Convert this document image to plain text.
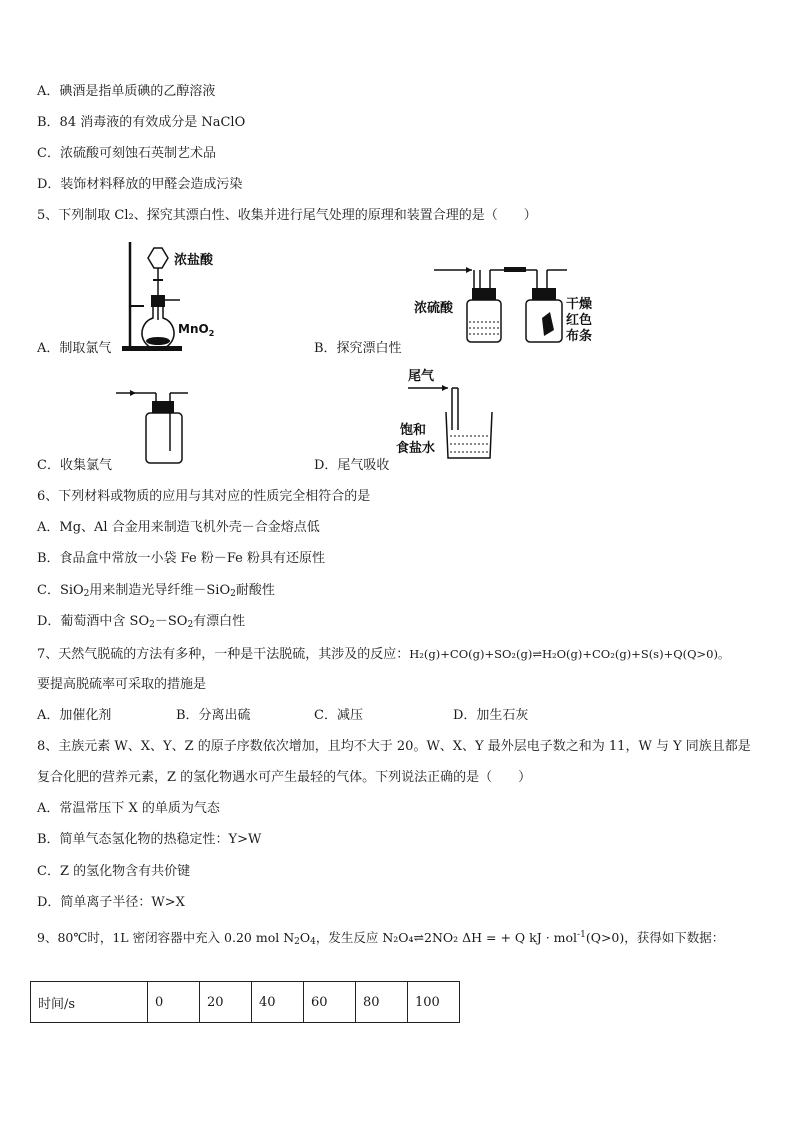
A．碘酒是指单质碘的乙醇溶液
B．84 消毒液的有效成分是 NaClO
C．浓硫酸可刻蚀石英制艺术品
D．装饰材料释放的甲醛会造成污染
5、下列制取 Cl₂、探究其漂白性、收集并进行尾气处理的原理和装置合理的是（　　）
浓盐酸
MnO$_2$
A．制取氯气
浓硫酸	干燥
红色
布条
B．探究漂白性
C．收集氯气
尾气
饱和
食盐水
D．尾气吸收
6、下列材料或物质的应用与其对应的性质完全相符合的是
A．Mg、Al 合金用来制造飞机外壳－合金熔点低
B．食品盒中常放一小袋 Fe 粉－Fe 粉具有还原性
C．SiO$_2$用来制造光导纤维－SiO$_2$耐酸性
D．葡萄酒中含 $SO_2-SO_2$有漂白性
7、天然气脱硫的方法有多种，一种是干法脱硫，其涉及的反应：H₂(g)+CO(g)+SO₂(g)⇌H₂O(g)+CO₂(g)+S(s)+Q(Q>0)。
要提高脱硫率可采取的措施是
A．加催化剂	B．分离出硫	C．减压	D．加生石灰
8、主族元素 W、X、Y、Z 的原子序数依次增加，且均不大于 20。W、X、Y 最外层电子数之和为 11，W 与 Y 同族且都是
复合化肥的营养元素，Z 的氢化物遇水可产生最轻的气体。下列说法正确的是（　　）
A．常温常压下 X 的单质为气态
B．简单气态氢化物的热稳定性：Y>W
C．Z 的氢化物含有共价键
D．简单离子半径：W>X
9、80℃时，1L 密闭容器中充入 0.20 mol $N_2O_4$，发生反应 N₂O₄⇌2NO₂ ΔH = + Q kJ · mol$^{-1}$(Q>0)，获得如下数据：
时间/s	0	20	40	60	80	100
